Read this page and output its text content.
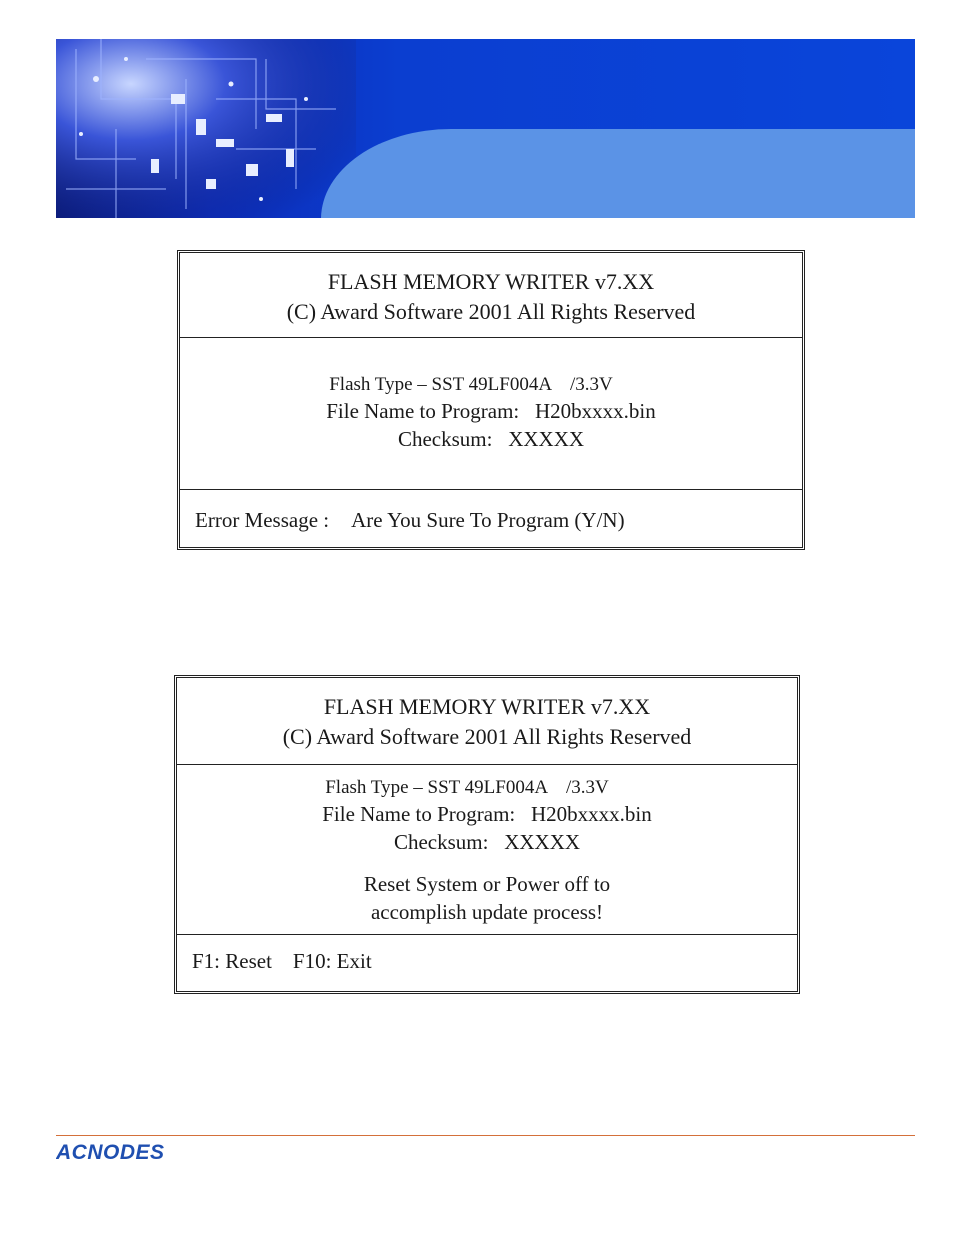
FLASH MEMORY WRITER v7.XX
(C) Award Software 2001 All Rights Reserved
Flash Type – SST 49LF004A    /3.3V
File Name to Program:   H20bxxxx.bin
Checksum:   XXXXX
Error Message : Are You Sure To Program (Y/N)
FLASH MEMORY WRITER v7.XX
(C) Award Software 2001 All Rights Reserved
Flash Type – SST 49LF004A    /3.3V
File Name to Program:   H20bxxxx.bin
Checksum:   XXXXX
Reset System or Power off to
accomplish update process!
F1: Reset    F10: Exit
ACNODES
